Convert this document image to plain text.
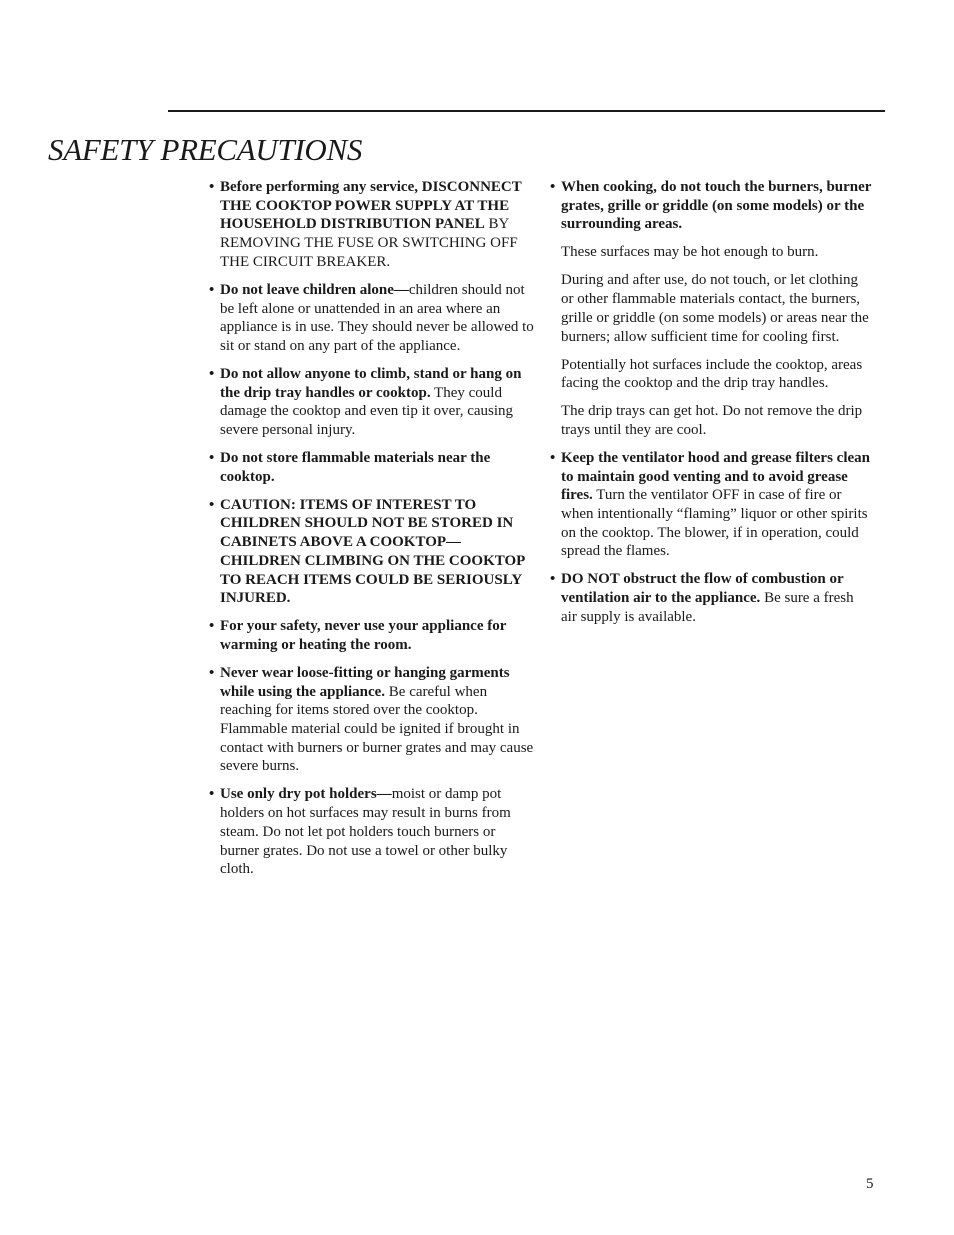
SAFETY PRECAUTIONS

• Before performing any service, DISCONNECT THE COOKTOP POWER SUPPLY AT THE HOUSEHOLD DISTRIBUTION PANEL BY REMOVING THE FUSE OR SWITCHING OFF THE CIRCUIT BREAKER.

• Do not leave children alone—children should not be left alone or unattended in an area where an appliance is in use. They should never be allowed to sit or stand on any part of the appliance.

• Do not allow anyone to climb, stand or hang on the drip tray handles or cooktop. They could damage the cooktop and even tip it over, causing severe personal injury.

• Do not store flammable materials near the cooktop.

• CAUTION: ITEMS OF INTEREST TO CHILDREN SHOULD NOT BE STORED IN CABINETS ABOVE A COOKTOP—CHILDREN CLIMBING ON THE COOKTOP TO REACH ITEMS COULD BE SERIOUSLY INJURED.

• For your safety, never use your appliance for warming or heating the room.

• Never wear loose-fitting or hanging garments while using the appliance. Be careful when reaching for items stored over the cooktop. Flammable material could be ignited if brought in contact with burners or burner grates and may cause severe burns.

• Use only dry pot holders—moist or damp pot holders on hot surfaces may result in burns from steam. Do not let pot holders touch burners or burner grates. Do not use a towel or other bulky cloth.

• When cooking, do not touch the burners, burner grates, grille or griddle (on some models) or the surrounding areas.

These surfaces may be hot enough to burn.

During and after use, do not touch, or let clothing or other flammable materials contact, the burners, grille or griddle (on some models) or areas near the burners; allow sufficient time for cooling first.

Potentially hot surfaces include the cooktop, areas facing the cooktop and the drip tray handles.

The drip trays can get hot. Do not remove the drip trays until they are cool.

• Keep the ventilator hood and grease filters clean to maintain good venting and to avoid grease fires. Turn the ventilator OFF in case of fire or when intentionally “flaming” liquor or other spirits on the cooktop. The blower, if in operation, could spread the flames.

• DO NOT obstruct the flow of combustion or ventilation air to the appliance. Be sure a fresh air supply is available.

5
